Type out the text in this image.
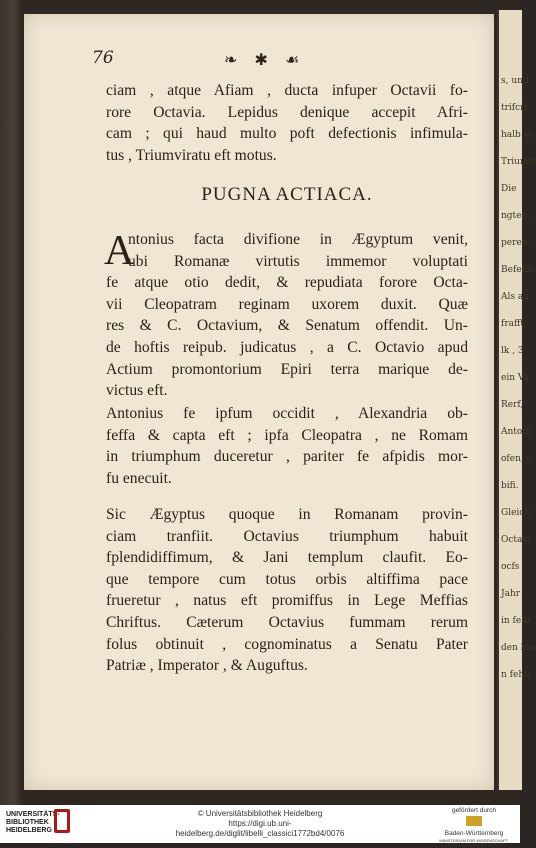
s, und
trifcri
halb wi
Triumvi
Die
ngten ,
peren,
Befehle
Als au
frafft
lk , 3
ein Va
Rerf,
Antoni
ofen, u
bifi.
Gleich
Octavi
ocfs
Jahr
in felb
den bie
n fehli
76	❧ ✱ ☙
ciam , atque Afiam , ducta infuper Octavii fo-
rore Octavia. Lepidus denique accepit Afri-
cam ; qui haud multo poft defectionis infimula-
tus , Triumviratu eft motus.
PUGNA ACTIACA.
A
ntonius facta divifione in Ægyptum venit,
ubi Romanæ virtutis immemor voluptati
fe atque otio dedit, & repudiata forore Octa-
vii Cleopatram reginam uxorem duxit. Quæ
res & C. Octavium, & Senatum offendit. Un-
de hoftis reipub. judicatus , a C. Octavio apud
Actium promontorium Epiri terra marique de-
victus eft.
Antonius fe ipfum occidit , Alexandria ob-
feffa & capta eft ; ipfa Cleopatra , ne Romam
in triumphum duceretur , pariter fe afpidis mor-
fu enecuit.
Sic Ægyptus quoque in Romanam provin-
ciam tranfiit. Octavius triumphum habuit
fplendidiffimum, & Jani templum claufit. Eo-
que tempore cum totus orbis altiffima pace
frueretur , natus eft promiffus in Lege Meffias
Chriftus. Cæterum Octavius fummam rerum
folus obtinuit , cognominatus a Senatu Pater
Patriæ , Imperator , & Auguftus.
UNIVERSITÄTS-
BIBLIOTHEK
HEIDELBERG
© Universitätsbibliothek Heidelberg
https://digi.ub.uni-heidelberg.de/diglit/libelli_classici1772bd4/0076
gefördert durch
Baden-Württemberg
MINISTERIUM FÜR WISSENSCHAFT, FORSCHUNG UND KUNST
